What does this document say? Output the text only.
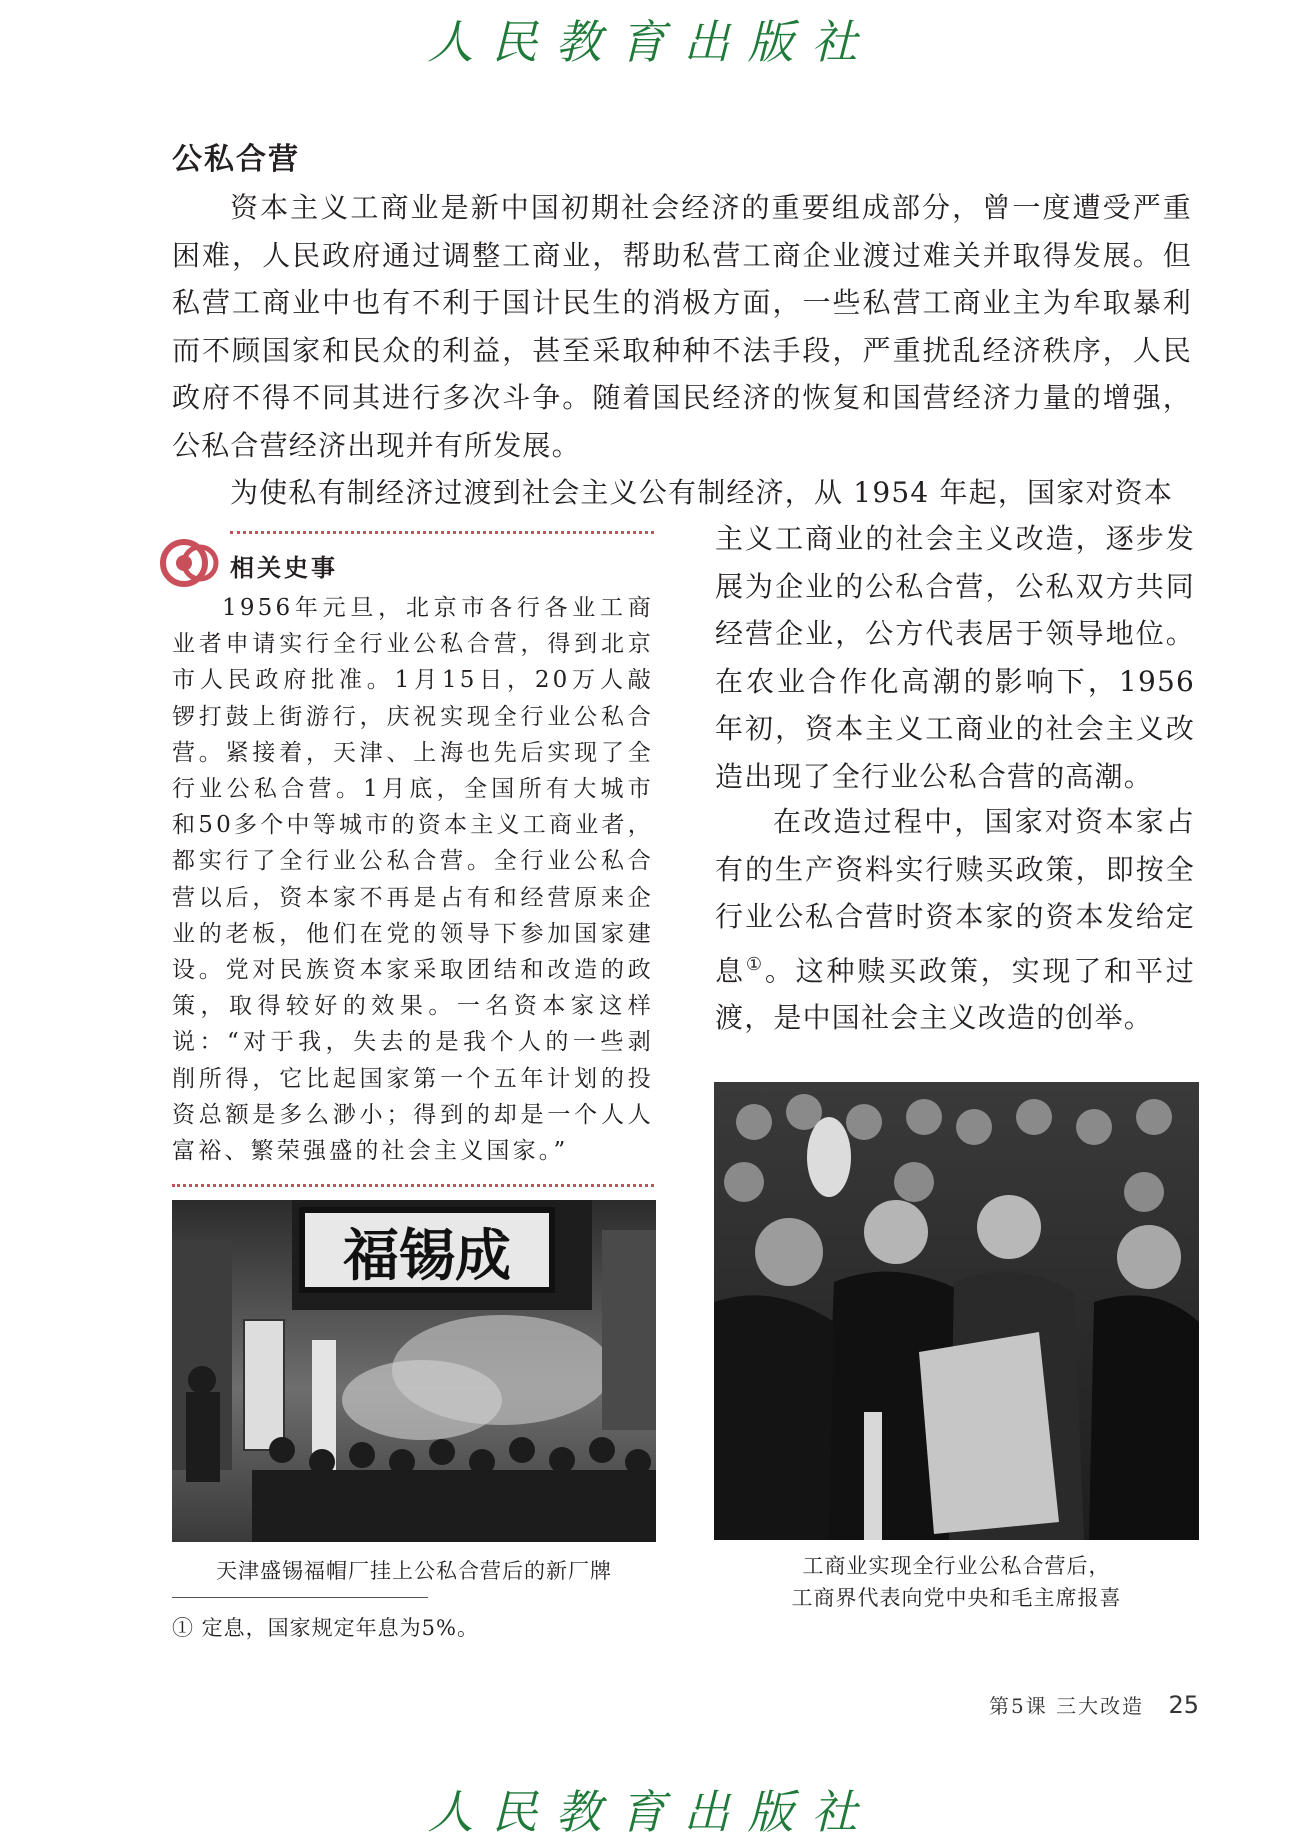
人民教育出版社
公私合营

资本主义工商业是新中国初期社会经济的重要组成部分，曾一度遭受严重困难，人民政府通过调整工商业，帮助私营工商企业渡过难关并取得发展。但私营工商业中也有不利于国计民生的消极方面，一些私营工商业主为牟取暴利而不顾国家和民众的利益，甚至采取种种不法手段，严重扰乱经济秩序，人民政府不得不同其进行多次斗争。随着国民经济的恢复和国营经济力量的增强，公私合营经济出现并有所发展。

为使私有制经济过渡到社会主义公有制经济，从 1954 年起，国家对资本

主义工商业的社会主义改造，逐步发展为企业的公私合营，公私双方共同经营企业，公方代表居于领导地位。在农业合作化高潮的影响下，1956 年初，资本主义工商业的社会主义改造出现了全行业公私合营的高潮。

在改造过程中，国家对资本家占有的生产资料实行赎买政策，即按全行业公私合营时资本家的资本发给定息①。这种赎买政策，实现了和平过渡，是中国社会主义改造的创举。

相关史事

1956年元旦，北京市各行各业工商业者申请实行全行业公私合营，得到北京市人民政府批准。1月15日，20万人敲锣打鼓上街游行，庆祝实现全行业公私合营。紧接着，天津、上海也先后实现了全行业公私合营。1月底，全国所有大城市和50多个中等城市的资本主义工商业者，都实行了全行业公私合营。全行业公私合营以后，资本家不再是占有和经营原来企业的老板，他们在党的领导下参加国家建设。党对民族资本家采取团结和改造的政策，取得较好的效果。一名资本家这样说：“对于我，失去的是我个人的一些剥削所得，它比起国家第一个五年计划的投资总额是多么渺小；得到的却是一个人人富裕、繁荣强盛的社会主义国家。”

福锡成
天津盛锡福帽厂挂上公私合营后的新厂牌	工商业实现全行业公私合营后，
工商界代表向党中央和毛主席报喜
① 定息，国家规定年息为5%。
第5课 三大改造 25
人民教育出版社
